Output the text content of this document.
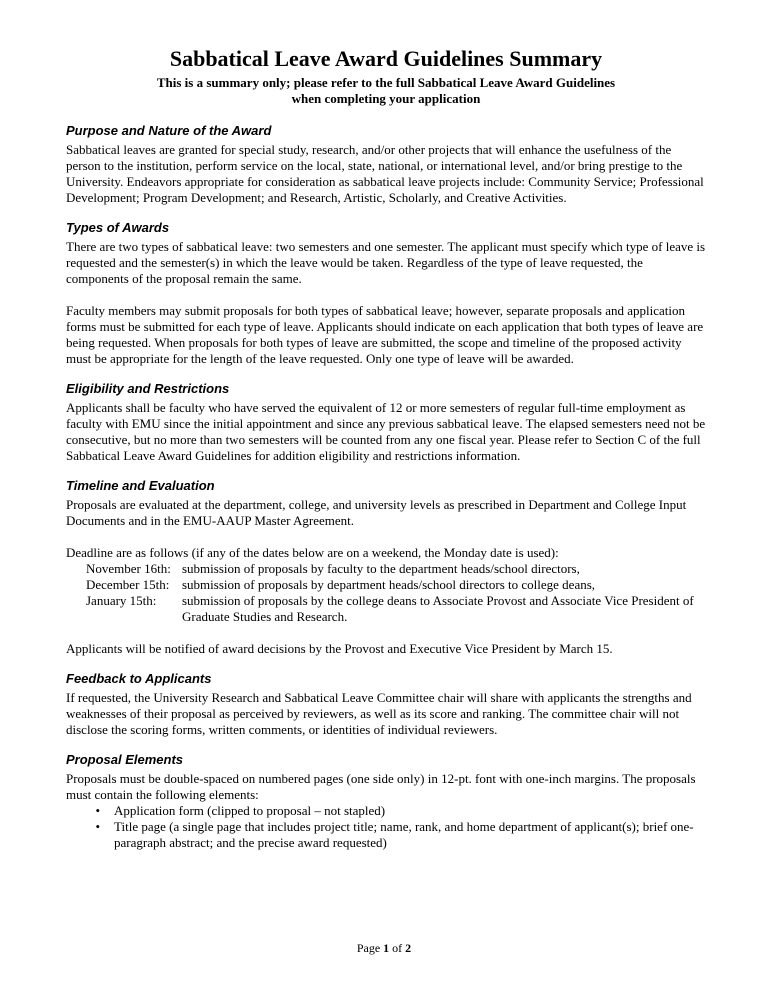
Sabbatical Leave Award Guidelines Summary
This is a summary only; please refer to the full Sabbatical Leave Award Guidelines
when completing your application
Purpose and Nature of the Award

Sabbatical leaves are granted for special study, research, and/or other projects that will enhance the usefulness of the person to the institution, perform service on the local, state, national, or international level, and/or bring prestige to the University. Endeavors appropriate for consideration as sabbatical leave projects include: Community Service; Professional Development; Program Development; and Research, Artistic, Scholarly, and Creative Activities.

Types of Awards

There are two types of sabbatical leave: two semesters and one semester. The applicant must specify which type of leave is requested and the semester(s) in which the leave would be taken. Regardless of the type of leave requested, the components of the proposal remain the same.

Faculty members may submit proposals for both types of sabbatical leave; however, separate proposals and application forms must be submitted for each type of leave. Applicants should indicate on each application that both types of leave are being requested. When proposals for both types of leave are submitted, the scope and timeline of the proposed activity must be appropriate for the length of the leave requested. Only one type of leave will be awarded.

Eligibility and Restrictions

Applicants shall be faculty who have served the equivalent of 12 or more semesters of regular full-time employment as faculty with EMU since the initial appointment and since any previous sabbatical leave. The elapsed semesters need not be consecutive, but no more than two semesters will be counted from any one fiscal year. Please refer to Section C of the full Sabbatical Leave Award Guidelines for addition eligibility and restrictions information.

Timeline and Evaluation

Proposals are evaluated at the department, college, and university levels as prescribed in Department and College Input Documents and in the EMU-AAUP Master Agreement.

Deadline are as follows (if any of the dates below are on a weekend, the Monday date is used):

November 16th: submission of proposals by faculty to the department heads/school directors,
December 15th: submission of proposals by department heads/school directors to college deans,
January 15th:	submission of proposals by the college deans to Associate Provost and Associate Vice President of Graduate Studies and Research.

Applicants will be notified of award decisions by the Provost and Executive Vice President by March 15.

Feedback to Applicants

If requested, the University Research and Sabbatical Leave Committee chair will share with applicants the strengths and weaknesses of their proposal as perceived by reviewers, as well as its score and ranking. The committee chair will not disclose the scoring forms, written comments, or identities of individual reviewers.

Proposal Elements

Proposals must be double-spaced on numbered pages (one side only) in 12-pt. font with one-inch margins. The proposals must contain the following elements:

•	Application form (clipped to proposal – not stapled)
•	Title page (a single page that includes project title; name, rank, and home department of applicant(s); brief one-paragraph abstract; and the precise award requested)
Page 1 of 2
